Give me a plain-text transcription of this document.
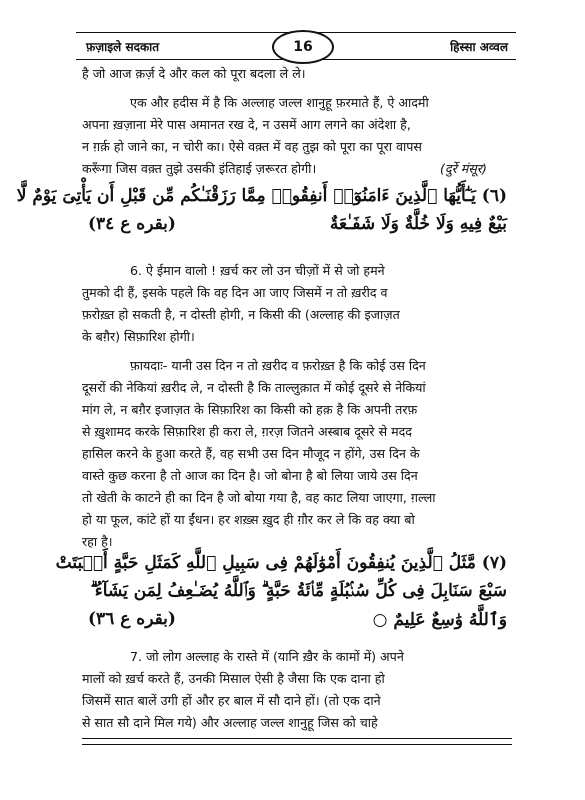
फ़ज़ाइले सदकात	16	हिस्सा अव्वल
है जो आज क़र्ज़ दे और कल को पूरा बदला ले ले।
एक और हदीस में है कि अल्लाह जल्ल शानुहू फ़रमाते हैं, ऐ आदमी
अपना ख़ज़ाना मेरे पास अमानत रख दे, न उसमें आग लगने का अंदेशा है,
न ग़र्क़ हो जाने का, न चोरी का। ऐसे वक़्त में वह तुझ को पूरा का पूरा वापस
करूँगा जिस वक़्त तुझे उसकी इंतिहाई ज़रूरत होगी।	(दुर्रे मंसूर)
(٦) يَـٰٓأَيُّهَا ٱلَّذِينَ ءَامَنُوٓا۟ أَنفِقُوا۟ مِمَّا رَزَقْنَـٰكُم مِّن قَبْلِ أَن يَأْتِىَ يَوْمٌ لَّا
بَيْعٌ فِيهِ وَلَا خُلَّةٌ وَلَا شَفَـٰعَةٌ
(بقره ع ٣٤)
6. ऐ ईमान वालो ! ख़र्च कर लो उन चीज़ों में से जो हमने
तुमको दी हैं, इसके पहले कि वह दिन आ जाए जिसमें न तो ख़रीद व
फ़रोख़्त हो सकती है, न दोस्ती होगी, न किसी की (अल्लाह की इजाज़त
के बग़ैर) सिफ़ारिश होगी।
फ़ायदाः- यानी उस दिन न तो ख़रीद व फ़रोख़्त है कि कोई उस दिन
दूसरों की नेकियां ख़रीद ले, न दोस्ती है कि ताल्लुक़ात में कोई दूसरे से नेकियां
मांग ले, न बग़ैर इजाज़त के सिफ़ारिश का किसी को हक़ है कि अपनी तरफ़
से ख़ुशामद करके सिफ़ारिश ही करा ले, ग़रज़ जितने अस्बाब दूसरे से मदद
हासिल करने के हुआ करते हैं, वह सभी उस दिन मौजूद न होंगे, उस दिन के
वास्ते कुछ करना है तो आज का दिन है। जो बोना है बो लिया जाये उस दिन
तो खेती के काटने ही का दिन है जो बोया गया है, वह काट लिया जाएगा, ग़ल्ला
हो या फूल, कांटे हों या ईंधन। हर शख़्स ख़ुद ही ग़ौर कर ले कि वह क्या बो
रहा है।
(٧) مَّثَلُ ٱلَّذِينَ يُنفِقُونَ أَمْوَٰلَهُمْ فِى سَبِيلِ ٱللَّهِ كَمَثَلِ حَبَّةٍ أَنۢبَتَتْ
سَبْعَ سَنَابِلَ فِى كُلِّ سُنۢبُلَةٍ مِّا۟ئَةُ حَبَّةٍ ۗ وَٱللَّهُ يُضَـٰعِفُ لِمَن يَشَآءُ ۗ
وَٱللَّهُ وَٰسِعٌ عَلِيمٌ ○
(بقره ع ٣٦)
7. जो लोग अल्लाह के रास्ते में (यानि ख़ैर के कामों में) अपने
मालों को ख़र्च करते हैं, उनकी मिसाल ऐसी है जैसा कि एक दाना हो
जिसमें सात बालें उगी हों और हर बाल में सौ दाने हों। (तो एक दाने
से सात सौ दाने मिल गये) और अल्लाह जल्ल शानुहू जिस को चाहे
